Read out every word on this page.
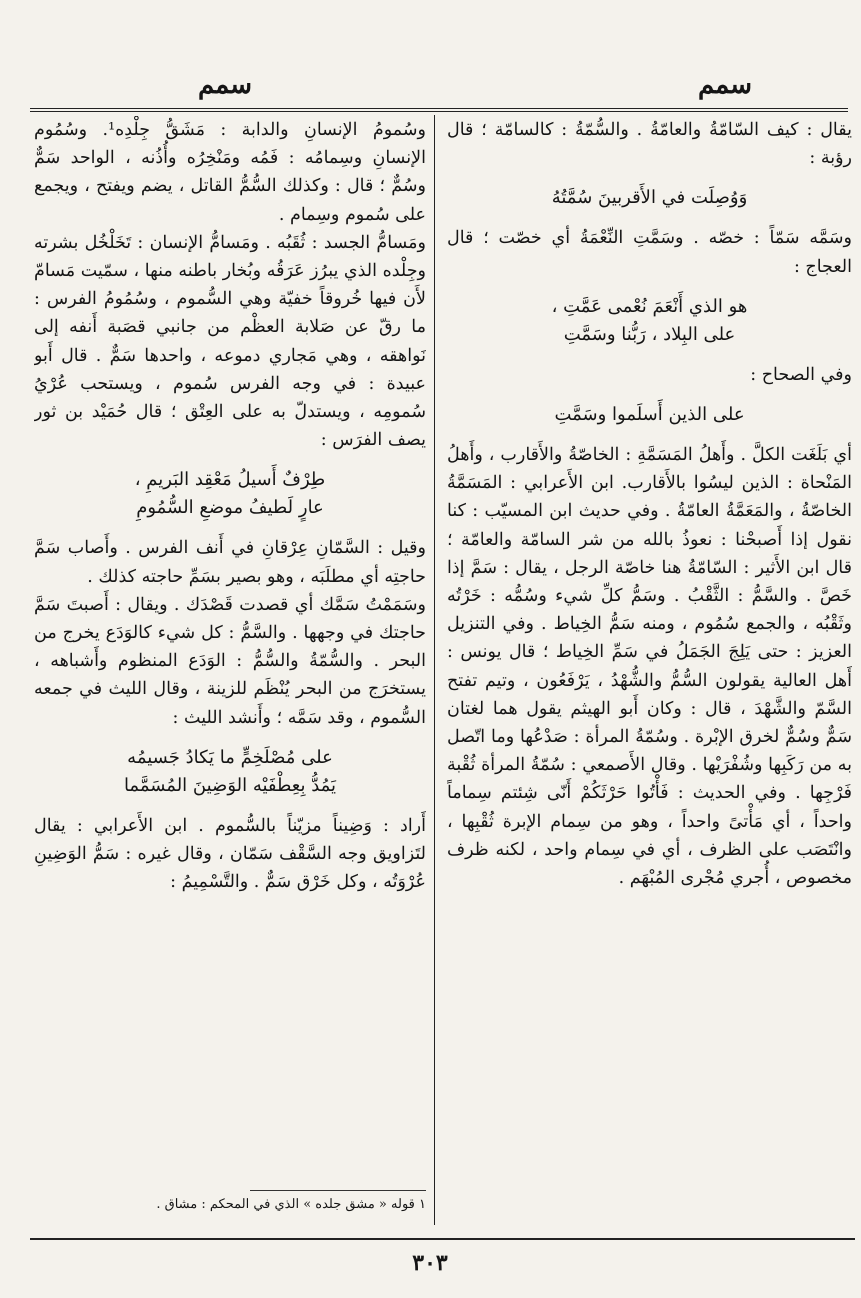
سمم
سمم

يقال : كيف السّامّةُ والعامّةُ . والسُّمّةُ : كالسامّة ؛ قال رؤبة :

وَوُصِلَت في الأَقربينَ سُمَّتُهُ

وسَمَّه سَمّاً : خصّه . وسَمَّتِ النِّعْمَةُ أي خصّت ؛ قال العجاج :

هو الذي أَنْعَمَ نُعْمى عَمَّتِ ،
على البِلاد ، رَبُّنا وسَمَّتِ

وفي الصحاح :

على الذين أَسلَموا وسَمَّتِ

أي بَلَغَت الكلَّ . وأَهلُ المَسَمَّةِ : الخاصّةُ والأَقارب ، وأَهلُ المَنْحاة : الذين ليسُوا بالأَقارب. ابن الأَعرابي : المَسَمَّةُ الخاصّةُ ، والمَعَمَّةُ العامّةُ . وفي حديث ابن المسيّب : كنا نقول إذا أَصبحْنا : نعوذُ بالله من شر السامّة والعامّة ؛ قال ابن الأَثير : السّامّةُ هنا خاصّة الرجل ، يقال : سَمَّ إذا خَصَّ . والسَّمُّ : الثَّقْبُ . وسَمُّ كلِّ شيء وسُمُّه : خَرْتُه وثَقْبُه ، والجمع سُمُوم ، ومنه سَمُّ الخِياط . وفي التنزيل العزيز : حتى يَلِجَ الجَمَلُ في سَمِّ الخِياط ؛ قال يونس : أَهل العالية يقولون السُّمُّ والشُّهْدُ ، يَرْفَعُون ، وتيم تفتح السَّمّ والشَّهْدَ ، قال : وكان أَبو الهيثم يقول هما لغتان سَمٌّ وسُمٌّ لخرق الإبْرة . وسُمّةُ المرأة : صَدْعُها وما اتّصل به من رَكَبِها وشُفْرَيْها . وقال الأَصمعي : سُمّةُ المرأة ثُقْبة فَرْجِها . وفي الحديث : فَأْتُوا حَرْثَكُمْ أَنّى شِئتم سِماماً واحداً ، أي مَأْتىً واحداً ، وهو من سِمام الإبرة ثُقْبِها ، وانْتَصَب على الظرف ، أي في سِمام واحد ، لكنه ظرف مخصوص ، أُجري مُجْرى المُبْهَم .

وسُمومُ الإنسانِ والدابة : مَشَقُّ جِلْدِه¹. وسُمُوم الإنسانِ وسِمامُه : فَمُه ومَنْخِرُه وأُذُنه ، الواحد سَمٌّ وسُمٌّ ؛ قال : وكذلك السُّمُّ القاتل ، يضم ويفتح ، ويجمع على سُموم وسِمام .

ومَسامُّ الجسد : ثُقَبُه . ومَسامُّ الإنسان : تَخَلْخُل بشرته وجِلْده الذي يبرُز عَرَقُه وبُخار باطنه منها ، سمّيت مَسامّ لأَن فيها خُروقاً خفيّة وهي السُّموم ، وسُمُومُ الفرس : ما رقّ عن صَلابة العظْم من جانبي قصَبة أَنفه إلى نَواهقه ، وهي مَجاري دموعه ، واحدها سَمٌّ . قال أَبو عبيدة : في وجه الفرس سُموم ، ويستحب عُرْيُ سُمومِه ، ويستدلّ به على العِتْق ؛ قال حُمَيْد بن ثور يصف الفرَس :

طِرْفٌ أَسيلُ مَعْقِد البَريمِ ،
عارٍ لَطيفُ موضعِ السُّمُومِ

وقيل : السَّمّانِ عِرْقانِ في أَنف الفرس . وأَصاب سَمَّ حاجتِه أي مطلَبَه ، وهو بصير بسَمِّ حاجته كذلك .

وسَمَمْتُ سَمَّك أي قصدت قَصْدَك . ويقال : أَصبتَ سَمَّ حاجتك في وجهها . والسَّمُّ : كل شيء كالوَدَع يخرج من البحر . والسُّمّةُ والسُّمُّ : الوَدَع المنظوم وأَشباهه ، يستخرَج من البحر يُنْظَم للزينة ، وقال الليث في جمعه السُّموم ، وقد سَمَّه ؛ وأَنشد الليث :

على مُصْلَخِمٍّ ما يَكادُ جَسيمُه
يَمُدُّ بِعِطْفَيْه الوَضِينَ المُسَمَّما

أَراد : وَضِيناً مزيّناً بالسُّموم . ابن الأَعرابي : يقال لتَزاويق وجه السَّقْف سَمّان ، وقال غيره : سَمُّ الوَضِينِ عُرْوَتُه ، وكل خَرْق سَمٌّ . والتَّسْمِيمُ :

١ قوله « مشق جلده » الذي في المحكم : مشاق .
٣٠٣
